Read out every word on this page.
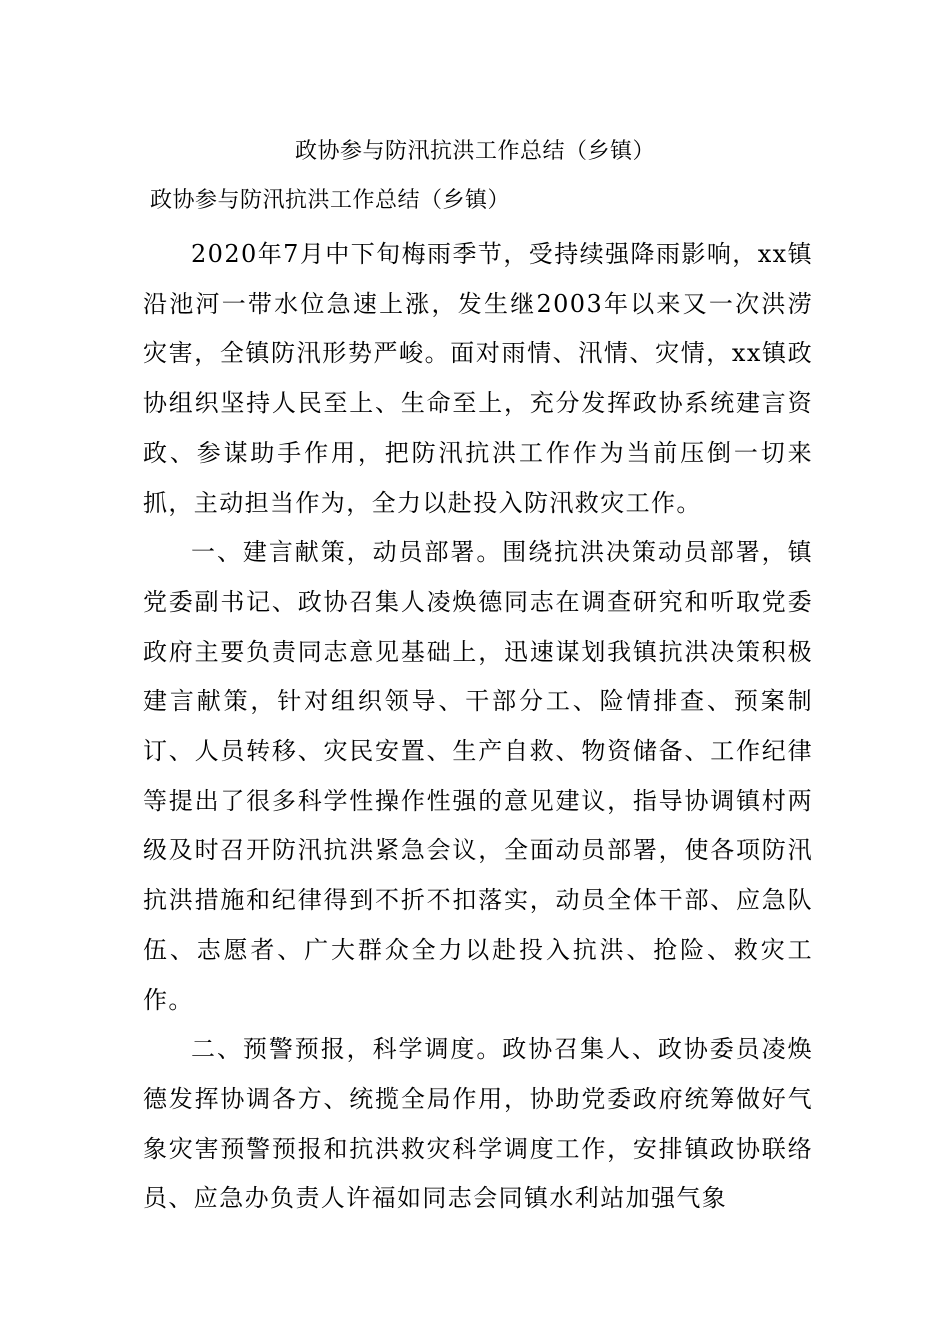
政协参与防汛抗洪工作总结（乡镇）
政协参与防汛抗洪工作总结（乡镇）

2020年7月中下旬梅雨季节，受持续强降雨影响，xx镇沿池河一带水位急速上涨，发生继2003年以来又一次洪涝灾害，全镇防汛形势严峻。面对雨情、汛情、灾情，xx镇政协组织坚持人民至上、生命至上，充分发挥政协系统建言资政、参谋助手作用，把防汛抗洪工作作为当前压倒一切来抓，主动担当作为，全力以赴投入防汛救灾工作。

一、建言献策，动员部署。围绕抗洪决策动员部署，镇党委副书记、政协召集人凌焕德同志在调查研究和听取党委政府主要负责同志意见基础上，迅速谋划我镇抗洪决策积极建言献策，针对组织领导、干部分工、险情排查、预案制订、人员转移、灾民安置、生产自救、物资储备、工作纪律等提出了很多科学性操作性强的意见建议，指导协调镇村两级及时召开防汛抗洪紧急会议，全面动员部署，使各项防汛抗洪措施和纪律得到不折不扣落实，动员全体干部、应急队伍、志愿者、广大群众全力以赴投入抗洪、抢险、救灾工作。

二、预警预报，科学调度。政协召集人、政协委员凌焕德发挥协调各方、统揽全局作用，协助党委政府统筹做好气象灾害预警预报和抗洪救灾科学调度工作，安排镇政协联络员、应急办负责人许福如同志会同镇水利站加强气象
